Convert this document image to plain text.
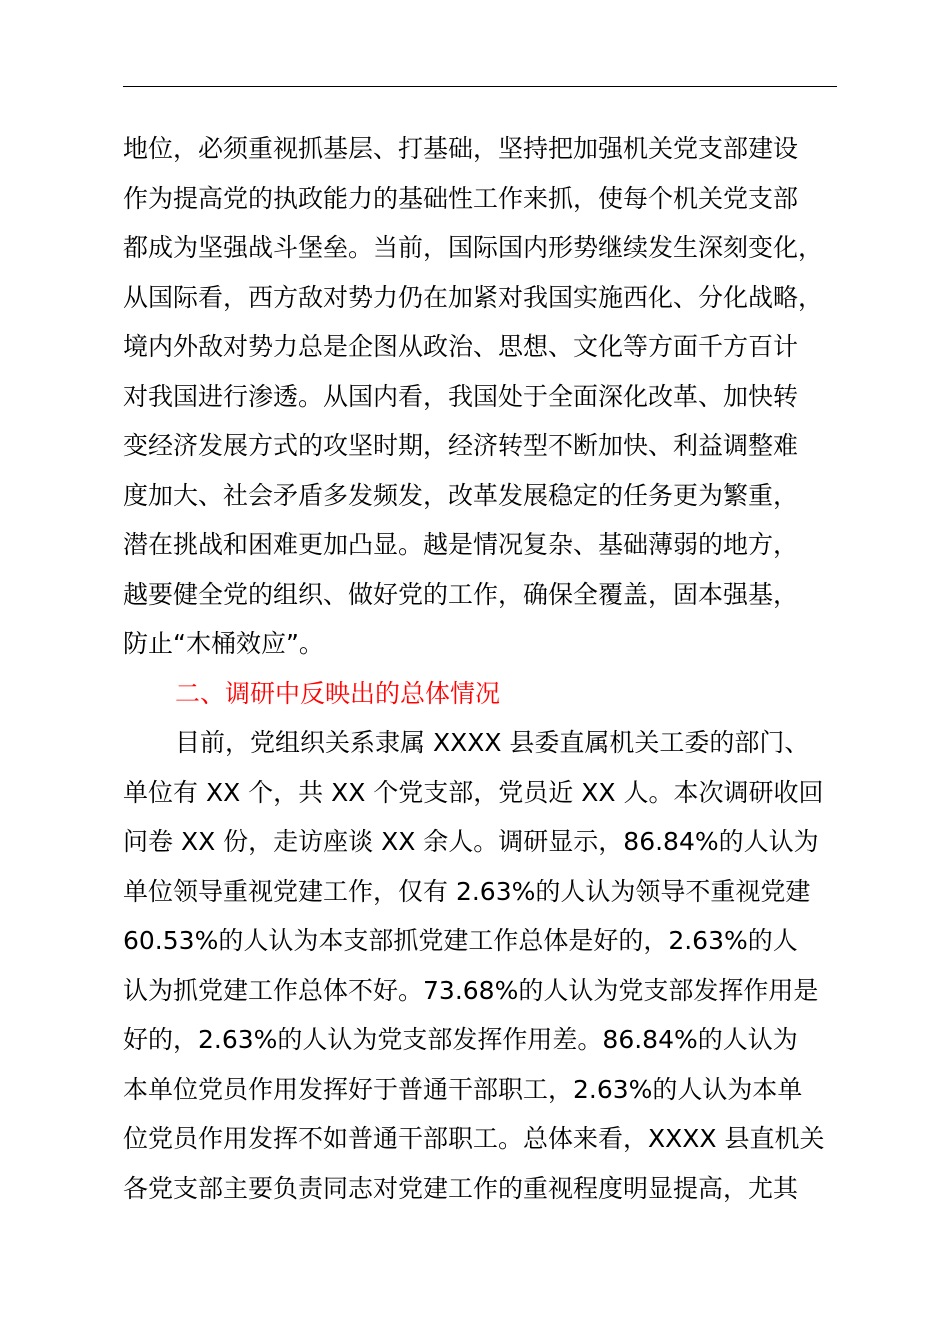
地位，必须重视抓基层、打基础，坚持把加强机关党支部建设
作为提高党的执政能力的基础性工作来抓，使每个机关党支部
都成为坚强战斗堡垒。当前，国际国内形势继续发生深刻变化，
从国际看，西方敌对势力仍在加紧对我国实施西化、分化战略，
境内外敌对势力总是企图从政治、思想、文化等方面千方百计
对我国进行渗透。从国内看，我国处于全面深化改革、加快转
变经济发展方式的攻坚时期，经济转型不断加快、利益调整难
度加大、社会矛盾多发频发，改革发展稳定的任务更为繁重，
潜在挑战和困难更加凸显。越是情况复杂、基础薄弱的地方，
越要健全党的组织、做好党的工作，确保全覆盖，固本强基，
防止“木桶效应”。
二、调研中反映出的总体情况
目前，党组织关系隶属 XXXX 县委直属机关工委的部门、
单位有 XX 个，共 XX 个党支部，党员近 XX 人。本次调研收回
问卷 XX 份，走访座谈 XX 余人。调研显示，86.84%的人认为
单位领导重视党建工作，仅有 2.63%的人认为领导不重视党建
60.53%的人认为本支部抓党建工作总体是好的，2.63%的人
认为抓党建工作总体不好。73.68%的人认为党支部发挥作用是
好的，2.63%的人认为党支部发挥作用差。86.84%的人认为
本单位党员作用发挥好于普通干部职工，2.63%的人认为本单
位党员作用发挥不如普通干部职工。总体来看，XXXX 县直机关
各党支部主要负责同志对党建工作的重视程度明显提高，尤其
